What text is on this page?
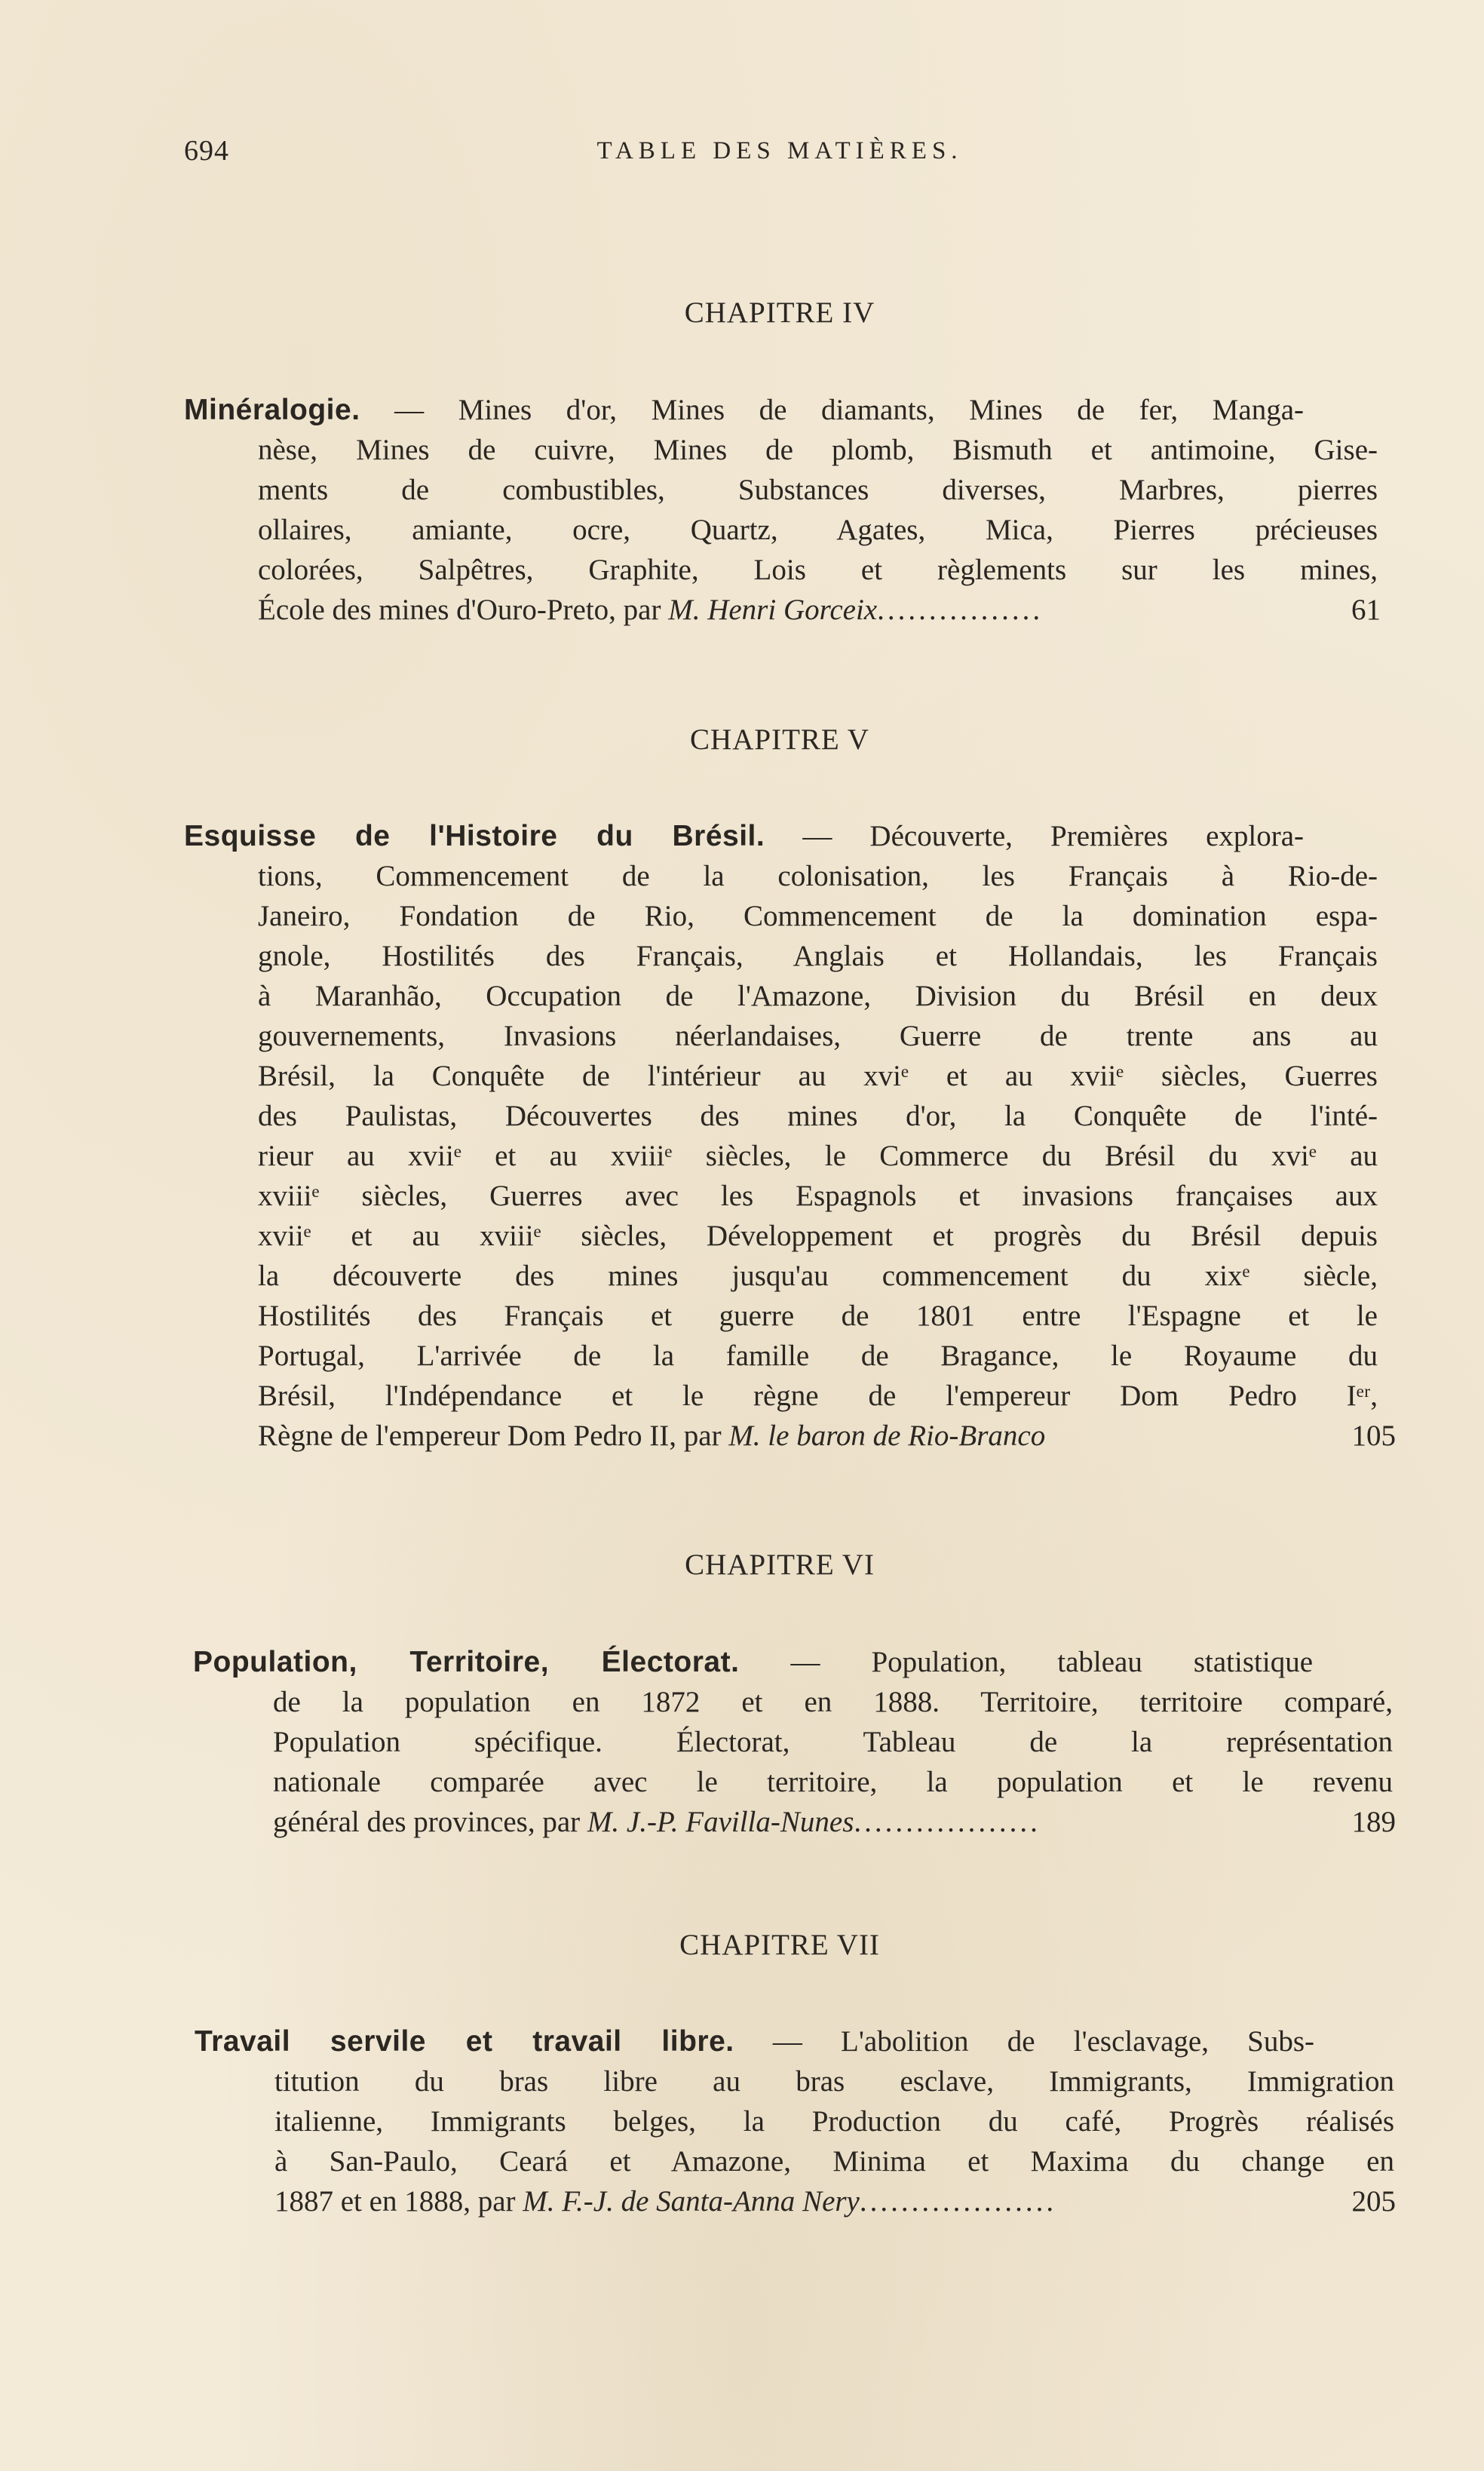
694	TABLE DES MATIÈRES.
CHAPITRE IV
Minéralogie. — Mines d'or, Mines de diamants, Mines de fer, Manga-
nèse, Mines de cuivre, Mines de plomb, Bismuth et antimoine, Gise-
ments de combustibles, Substances diverses, Marbres, pierres
ollaires, amiante, ocre, Quartz, Agates, Mica, Pierres précieuses
colorées, Salpêtres, Graphite, Lois et règlements sur les mines,
École des mines d'Ouro-Preto, par M. Henri Gorceix................	61
CHAPITRE V
Esquisse de l'Histoire du Brésil. — Découverte, Premières explora-
tions, Commencement de la colonisation, les Français à Rio-de-
Janeiro, Fondation de Rio, Commencement de la domination espa-
gnole, Hostilités des Français, Anglais et Hollandais, les Français
à Maranhão, Occupation de l'Amazone, Division du Brésil en deux
gouvernements, Invasions néerlandaises, Guerre de trente ans au
Brésil, la Conquête de l'intérieur au xviᵉ et au xviiᵉ siècles, Guerres
des Paulistas, Découvertes des mines d'or, la Conquête de l'inté-
rieur au xviiᵉ et au xviiiᵉ siècles, le Commerce du Brésil du xviᵉ au
xviiiᵉ siècles, Guerres avec les Espagnols et invasions françaises aux
xviiᵉ et au xviiiᵉ siècles, Développement et progrès du Brésil depuis
la découverte des mines jusqu'au commencement du xixᵉ siècle,
Hostilités des Français et guerre de 1801 entre l'Espagne et le
Portugal, L'arrivée de la famille de Bragance, le Royaume du
Brésil, l'Indépendance et le règne de l'empereur Dom Pedro Iᵉʳ,
Règne de l'empereur Dom Pedro II, par M. le baron de Rio-Branco	105
CHAPITRE VI
Population, Territoire, Électorat. — Population, tableau statistique
de la population en 1872 et en 1888. Territoire, territoire comparé,
Population spécifique. Électorat, Tableau de la représentation
nationale comparée avec le territoire, la population et le revenu
général des provinces, par M. J.-P. Favilla-Nunes..................	189
CHAPITRE VII
Travail servile et travail libre. — L'abolition de l'esclavage, Subs-
titution du bras libre au bras esclave, Immigrants, Immigration
italienne, Immigrants belges, la Production du café, Progrès réalisés
à San-Paulo, Ceará et Amazone, Minima et Maxima du change en
1887 et en 1888, par M. F.-J. de Santa-Anna Nery...................	205
